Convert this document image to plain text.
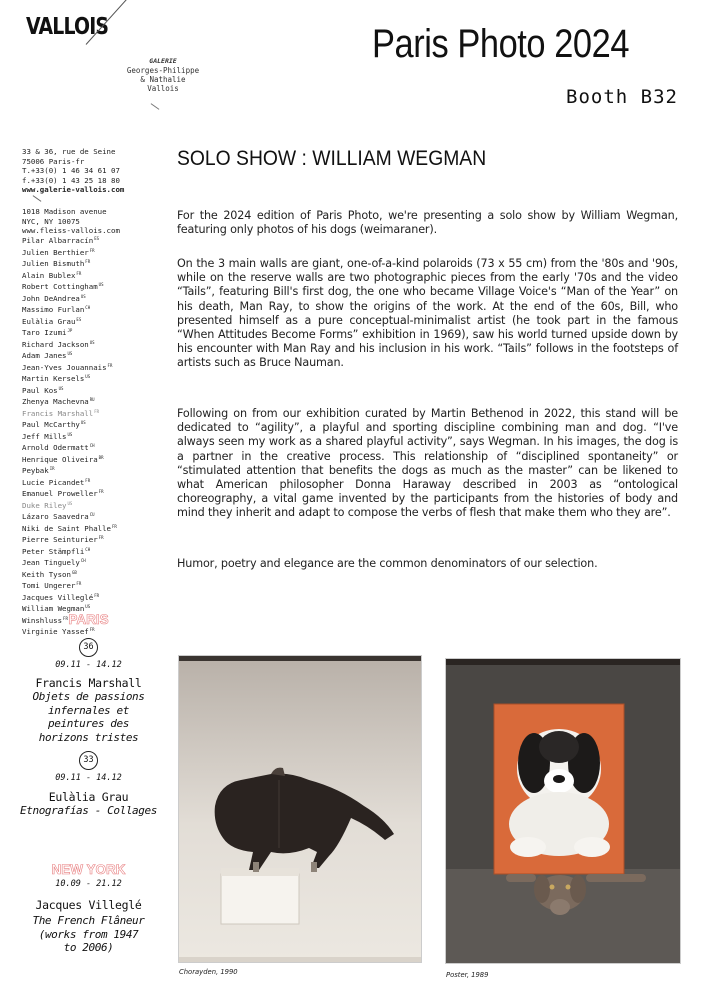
VALLOIS
GALERIE
Georges-Philippe
& Nathalie
Vallois
Paris Photo 2024
Booth B32
33 & 36, rue de Seine
75006 Paris-fr
T.+33(0) 1 46 34 61 07
f.+33(0) 1 43 25 18 80
www.galerie-vallois.com
1018 Madison avenue
NYC, NY 10075
www.fleiss-vallois.com
Pilar Albarracín$^{ES}$
Julien Berthier$^{FR}$
Julien Bismuth$^{FR}$
Alain Bublex$^{FR}$
Robert Cottingham$^{US}$
John DeAndrea$^{US}$
Massimo Furlan$^{CH}$
Eulàlia Grau$^{ES}$
Taro Izumi$^{JP}$
Richard Jackson$^{US}$
Adam Janes$^{US}$
Jean-Yves Jouannais$^{FR}$
Martin Kersels$^{US}$
Paul Kos$^{US}$
Zhenya Machevna$^{RU}$
Francis Marshall$^{FR}$
Paul McCarthy$^{US}$
Jeff Mills$^{US}$
Arnold Odermatt$^{CH}$
Henrique Oliveira$^{BR}$
Peybak$^{IR}$
Lucie Picandet$^{FR}$
Emanuel Proweller$^{FR}$
Duke Riley$^{US}$
Lázaro Saavedra$^{CU}$
Niki de Saint Phalle$^{FR}$
Pierre Seinturier$^{FR}$
Peter Stämpfli$^{CH}$
Jean Tinguely$^{CH}$
Keith Tyson$^{GB}$
Tomi Ungerer$^{FR}$
Jacques Villeglé$^{FR}$
William Wegman$^{US}$
Winshluss$^{FR}$
Virginie Yassef$^{FR}$
PARIS
36
09.11 - 14.12
Francis Marshall
Objets de passions
infernales et
peintures des
horizons tristes
33
09.11 - 14.12
Eulàlia Grau
Etnografías - Collages
NEW YORK
10.09 - 21.12
Jacques Villeglé
The French Flâneur
(works from 1947
to 2006)
SOLO SHOW : WILLIAM WEGMAN
For the 2024 edition of Paris Photo, we're presenting a solo show by William Wegman, featuring only photos of his dogs (weimaraner).
On the 3 main walls are giant, one-of-a-kind polaroids (73 x 55 cm) from the '80s and '90s, while on the reserve walls are two photographic pieces from the early '70s and the video “Tails”, featuring Bill's first dog, the one who became Village Voice's “Man of the Year” on his death, Man Ray, to show the origins of the work. At the end of the 60s, Bill, who presented himself as a pure conceptual-minimalist artist (he took part in the famous “When Attitudes Become Forms” exhibition in 1969), saw his world turned upside down by his encounter with Man Ray and his inclusion in his work. “Tails” follows in the footsteps of artists such as Bruce Nauman.
Following on from our exhibition curated by Martin Bethenod in 2022, this stand will be dedicated to “agility”, a playful and sporting discipline combining man and dog. “I've always seen my work as a shared playful activity”, says Wegman. In his images, the dog is a partner in the creative process. This relationship of “disciplined spontaneity” or “stimulated attention that benefits the dogs as much as the master” can be likened to what American philosopher Donna Haraway described in 2003 as “ontological choreography, a vital game invented by the participants from the histories of body and mind they inherit and adapt to compose the verbs of flesh that make them who they are”.
Humor, poetry and elegance are the common denominators of our selection.
Chorayden, 1990	Poster, 1989
